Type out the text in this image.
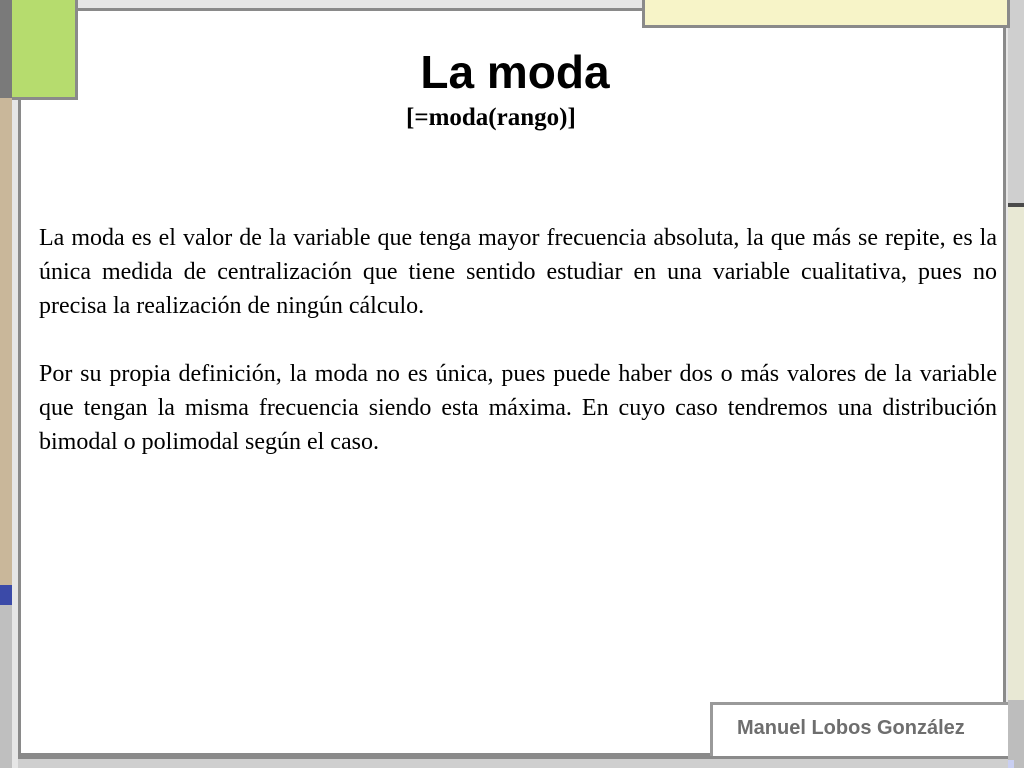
La moda
[=moda(rango)]

La moda es el valor de la variable que tenga mayor frecuencia absoluta, la que más se repite, es la única medida de centralización que tiene sentido estudiar en una variable cualitativa, pues no precisa la realización de ningún cálculo.

Por su propia definición, la moda no es única, pues puede haber dos o más valores de la variable que tengan la misma frecuencia siendo esta máxima. En cuyo caso tendremos una distribución bimodal o polimodal según el caso.

Manuel Lobos González
